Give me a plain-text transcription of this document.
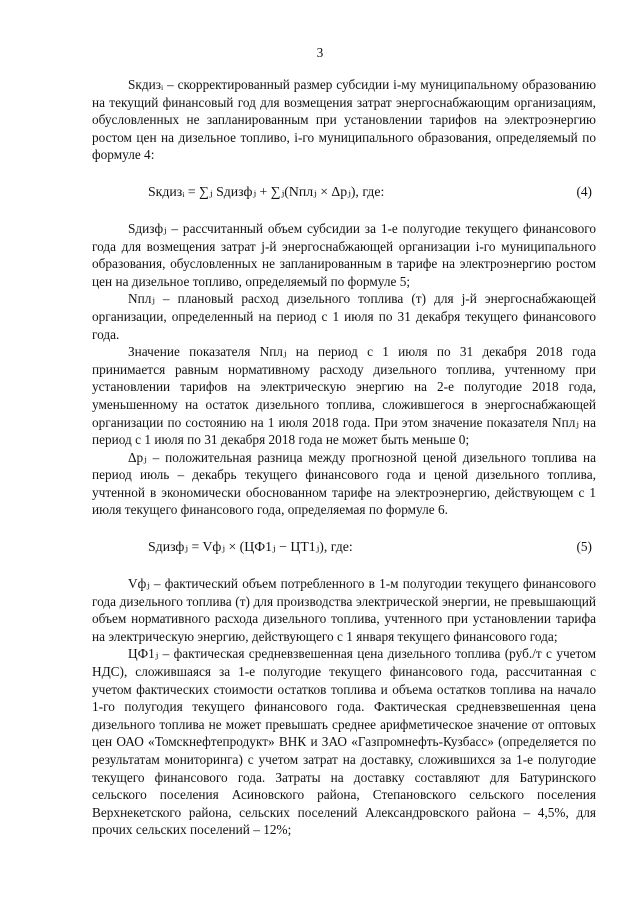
3

Sкдизᵢ – скорректированный размер субсидии i-му муниципальному образованию на текущий финансовый год для возмещения затрат энергоснабжающим организациям, обусловленных не запланированным при установлении тарифов на электроэнергию ростом цен на дизельное топливо, i-го муниципального образования, определяемый по формуле 4:

Sкдизᵢ = ∑ⱼ Sдизфⱼ + ∑ⱼ(Nплⱼ × Δpⱼ), где:	(4)

Sдизфⱼ – рассчитанный объем субсидии за 1-е полугодие текущего финансового года для возмещения затрат j-й энергоснабжающей организации i-го муниципального образования, обусловленных не запланированным в тарифе на электроэнергию ростом цен на дизельное топливо, определяемый по формуле 5;

Nплⱼ – плановый расход дизельного топлива (т) для j-й энергоснабжающей организации, определенный на период с 1 июля по 31 декабря текущего финансового года.

Значение показателя Nплⱼ на период с 1 июля по 31 декабря 2018 года принимается равным нормативному расходу дизельного топлива, учтенному при установлении тарифов на электрическую энергию на 2-е полугодие 2018 года, уменьшенному на остаток дизельного топлива, сложившегося в энергоснабжающей организации по состоянию на 1 июля 2018 года. При этом значение показателя Nплⱼ на период с 1 июля по 31 декабря 2018 года не может быть меньше 0;

Δpⱼ – положительная разница между прогнозной ценой дизельного топлива на период июль – декабрь текущего финансового года и ценой дизельного топлива, учтенной в экономически обоснованном тарифе на электроэнергию, действующем с 1 июля текущего финансового года, определяемая по формуле 6.

Sдизфⱼ = Vфⱼ × (ЦФ1ⱼ − ЦТ1ⱼ), где:	(5)

Vфⱼ – фактический объем потребленного в 1-м полугодии текущего финансового года дизельного топлива (т) для производства электрической энергии, не превышающий объем нормативного расхода дизельного топлива, учтенного при установлении тарифа на электрическую энергию, действующего с 1 января текущего финансового года;

ЦФ1ⱼ – фактическая средневзвешенная цена дизельного топлива (руб./т с учетом НДС), сложившаяся за 1-е полугодие текущего финансового года, рассчитанная с учетом фактических стоимости остатков топлива и объема остатков топлива на начало 1-го полугодия текущего финансового года. Фактическая средневзвешенная цена дизельного топлива не может превышать среднее арифметическое значение от оптовых цен ОАО «Томскнефтепродукт» ВНК и ЗАО «Газпромнефть-Кузбасс» (определяется по результатам мониторинга) с учетом затрат на доставку, сложившихся за 1-е полугодие текущего финансового года. Затраты на доставку составляют для Батуринского сельского поселения Асиновского района, Степановского сельского поселения Верхнекетского района, сельских поселений Александровского района – 4,5%, для прочих сельских поселений – 12%;
